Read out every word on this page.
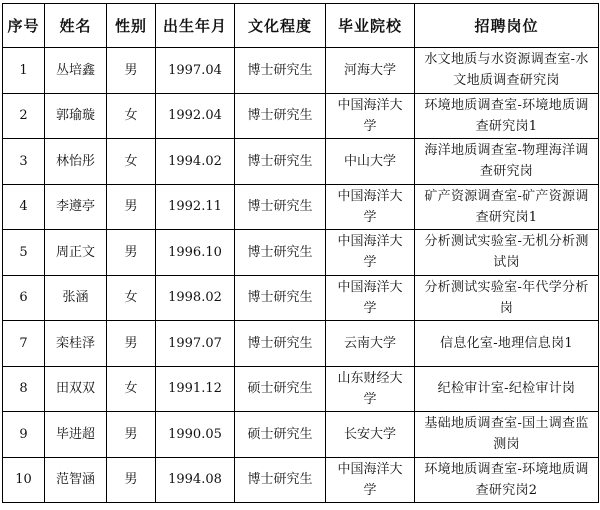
序号	姓名	性别	出生年月	文化程度	毕业院校	招聘岗位
1	丛培鑫	男	1997.04	博士研究生	河海大学	水文地质与水资源调查室-水文地质调查研究岗
2	郭瑜璇	女	1992.04	博士研究生	中国海洋大学	环境地质调查室-环境地质调查研究岗1
3	林怡彤	女	1994.02	博士研究生	中山大学	海洋地质调查室-物理海洋调查研究岗
4	李遵亭	男	1992.11	博士研究生	中国海洋大学	矿产资源调查室-矿产资源调查研究岗1
5	周正文	男	1996.10	博士研究生	中国海洋大学	分析测试实验室-无机分析测试岗
6	张涵	女	1998.02	博士研究生	中国海洋大学	分析测试实验室-年代学分析岗
7	栾桂泽	男	1997.07	博士研究生	云南大学	信息化室-地理信息岗1
8	田双双	女	1991.12	硕士研究生	山东财经大学	纪检审计室-纪检审计岗
9	毕进超	男	1990.05	硕士研究生	长安大学	基础地质调查室-国土调查监测岗
10	范智涵	男	1994.08	博士研究生	中国海洋大学	环境地质调查室-环境地质调查研究岗2
